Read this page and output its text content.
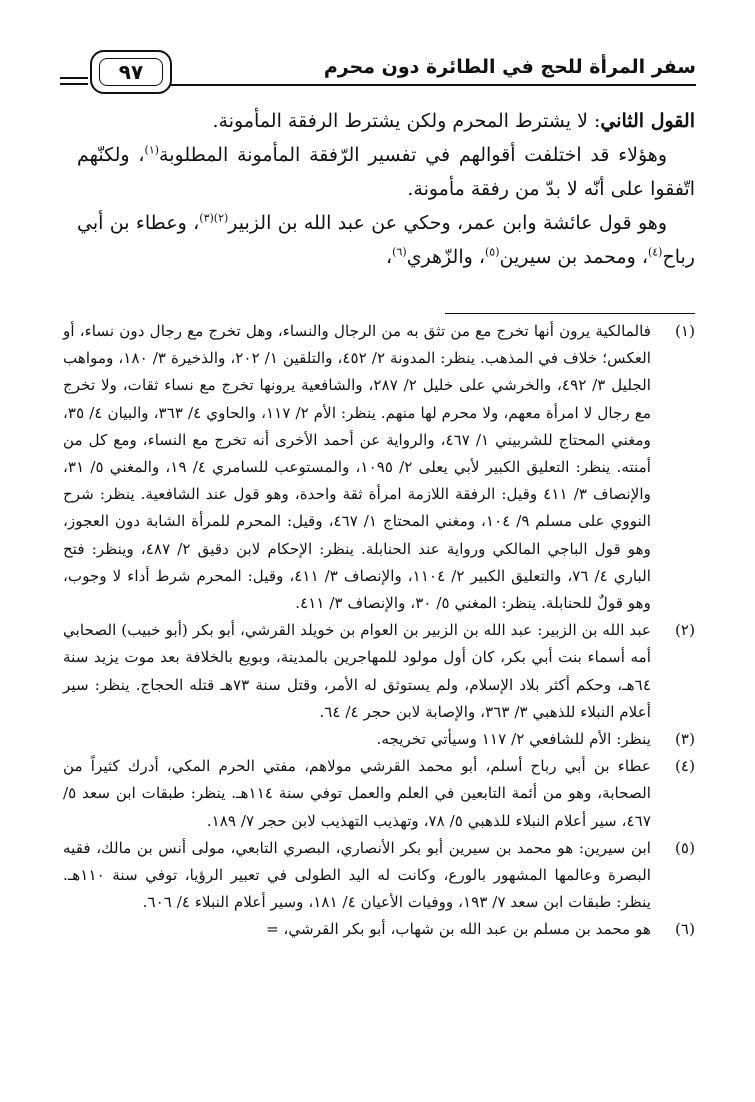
سفر المرأة للحج في الطائرة دون محرم
٩٧

القول الثاني: لا يشترط المحرم ولكن يشترط الرفقة المأمونة.

وهؤلاء قد اختلفت أقوالهم في تفسير الرّفقة المأمونة المطلوبة$^{(١)}$، ولكنّهم اتّفقوا على أنّه لا بدّ من رفقة مأمونة.

وهو قول عائشة وابن عمر، وحكي عن عبد الله بن الزبير$^{(٢)(٣)}$، وعطاء بن أبي رباح$^{(٤)}$، ومحمد بن سيرين$^{(٥)}$، والزّهري$^{(٦)}$،

(١)
فالمالكية يرون أنها تخرج مع من تثق به من الرجال والنساء، وهل تخرج مع رجال دون نساء، أو العكس؛ خلاف في المذهب. ينظر: المدونة ٢/ ٤٥٢، والتلقين ١/ ٢٠٢، والذخيرة ٣/ ١٨٠، ومواهب الجليل ٣/ ٤٩٢، والخرشي على خليل ٢/ ٢٨٧، والشافعية يرونها تخرج مع نساء ثقات، ولا تخرج مع رجال لا امرأة معهم، ولا محرم لها منهم. ينظر: الأم ٢/ ١١٧، والحاوي ٤/ ٣٦٣، والبيان ٤/ ٣٥، ومغني المحتاج للشربيني ١/ ٤٦٧، والرواية عن أحمد الأخرى أنه تخرج مع النساء، ومع كل من أمنته. ينظر: التعليق الكبير لأبي يعلى ٢/ ١٠٩٥، والمستوعب للسامري ٤/ ١٩، والمغني ٥/ ٣١، والإنصاف ٣/ ٤١١ وقيل: الرفقة اللازمة امرأة ثقة واحدة، وهو قول عند الشافعية. ينظر: شرح النووي على مسلم ٩/ ١٠٤، ومغني المحتاج ١/ ٤٦٧، وقيل: المحرم للمرأة الشابة دون العجوز، وهو قول الباجي المالكي ورواية عند الحنابلة. ينظر: الإحكام لابن دقيق ٢/ ٤٨٧، وينظر: فتح الباري ٤/ ٧٦، والتعليق الكبير ٢/ ١١٠٤، والإنصاف ٣/ ٤١١، وقيل: المحرم شرط أداء لا وجوب، وهو قولٌ للحنابلة. ينظر: المغني ٥/ ٣٠، والإنصاف ٣/ ٤١١.
(٢)
عبد الله بن الزبير: عبد الله بن الزبير بن العوام بن خويلد القرشي، أبو بكر (أبو خبيب) الصحابي أمه أسماء بنت أبي بكر، كان أول مولود للمهاجرين بالمدينة، وبويع بالخلافة بعد موت يزيد سنة ٦٤هـ، وحكم أكثر بلاد الإسلام، ولم يستوثق له الأمر، وقتل سنة ٧٣هـ قتله الحجاج. ينظر: سير أعلام النبلاء للذهبي ٣/ ٣٦٣، والإصابة لابن حجر ٤/ ٦٤.
(٣)
ينظر: الأم للشافعي ٢/ ١١٧ وسيأتي تخريجه.
(٤)
عطاء بن أبي رباح أسلم، أبو محمد القرشي مولاهم، مفتي الحرم المكي، أدرك كثيراً من الصحابة، وهو من أئمة التابعين في العلم والعمل توفي سنة ١١٤هـ. ينظر: طبقات ابن سعد ٥/ ٤٦٧، سير أعلام النبلاء للذهبي ٥/ ٧٨، وتهذيب التهذيب لابن حجر ٧/ ١٨٩.
(٥)
ابن سيرين: هو محمد بن سيرين أبو بكر الأنصاري، البصري التابعي، مولى أنس بن مالك، فقيه البصرة وعالمها المشهور بالورع، وكانت له اليد الطولى في تعبير الرؤيا، توفي سنة ١١٠هـ. ينظر: طبقات ابن سعد ٧/ ١٩٣، ووفيات الأعيان ٤/ ١٨١، وسير أعلام النبلاء ٤/ ٦٠٦.
(٦)
هو محمد بن مسلم بن عبد الله بن شهاب، أبو بكر القرشي، =
